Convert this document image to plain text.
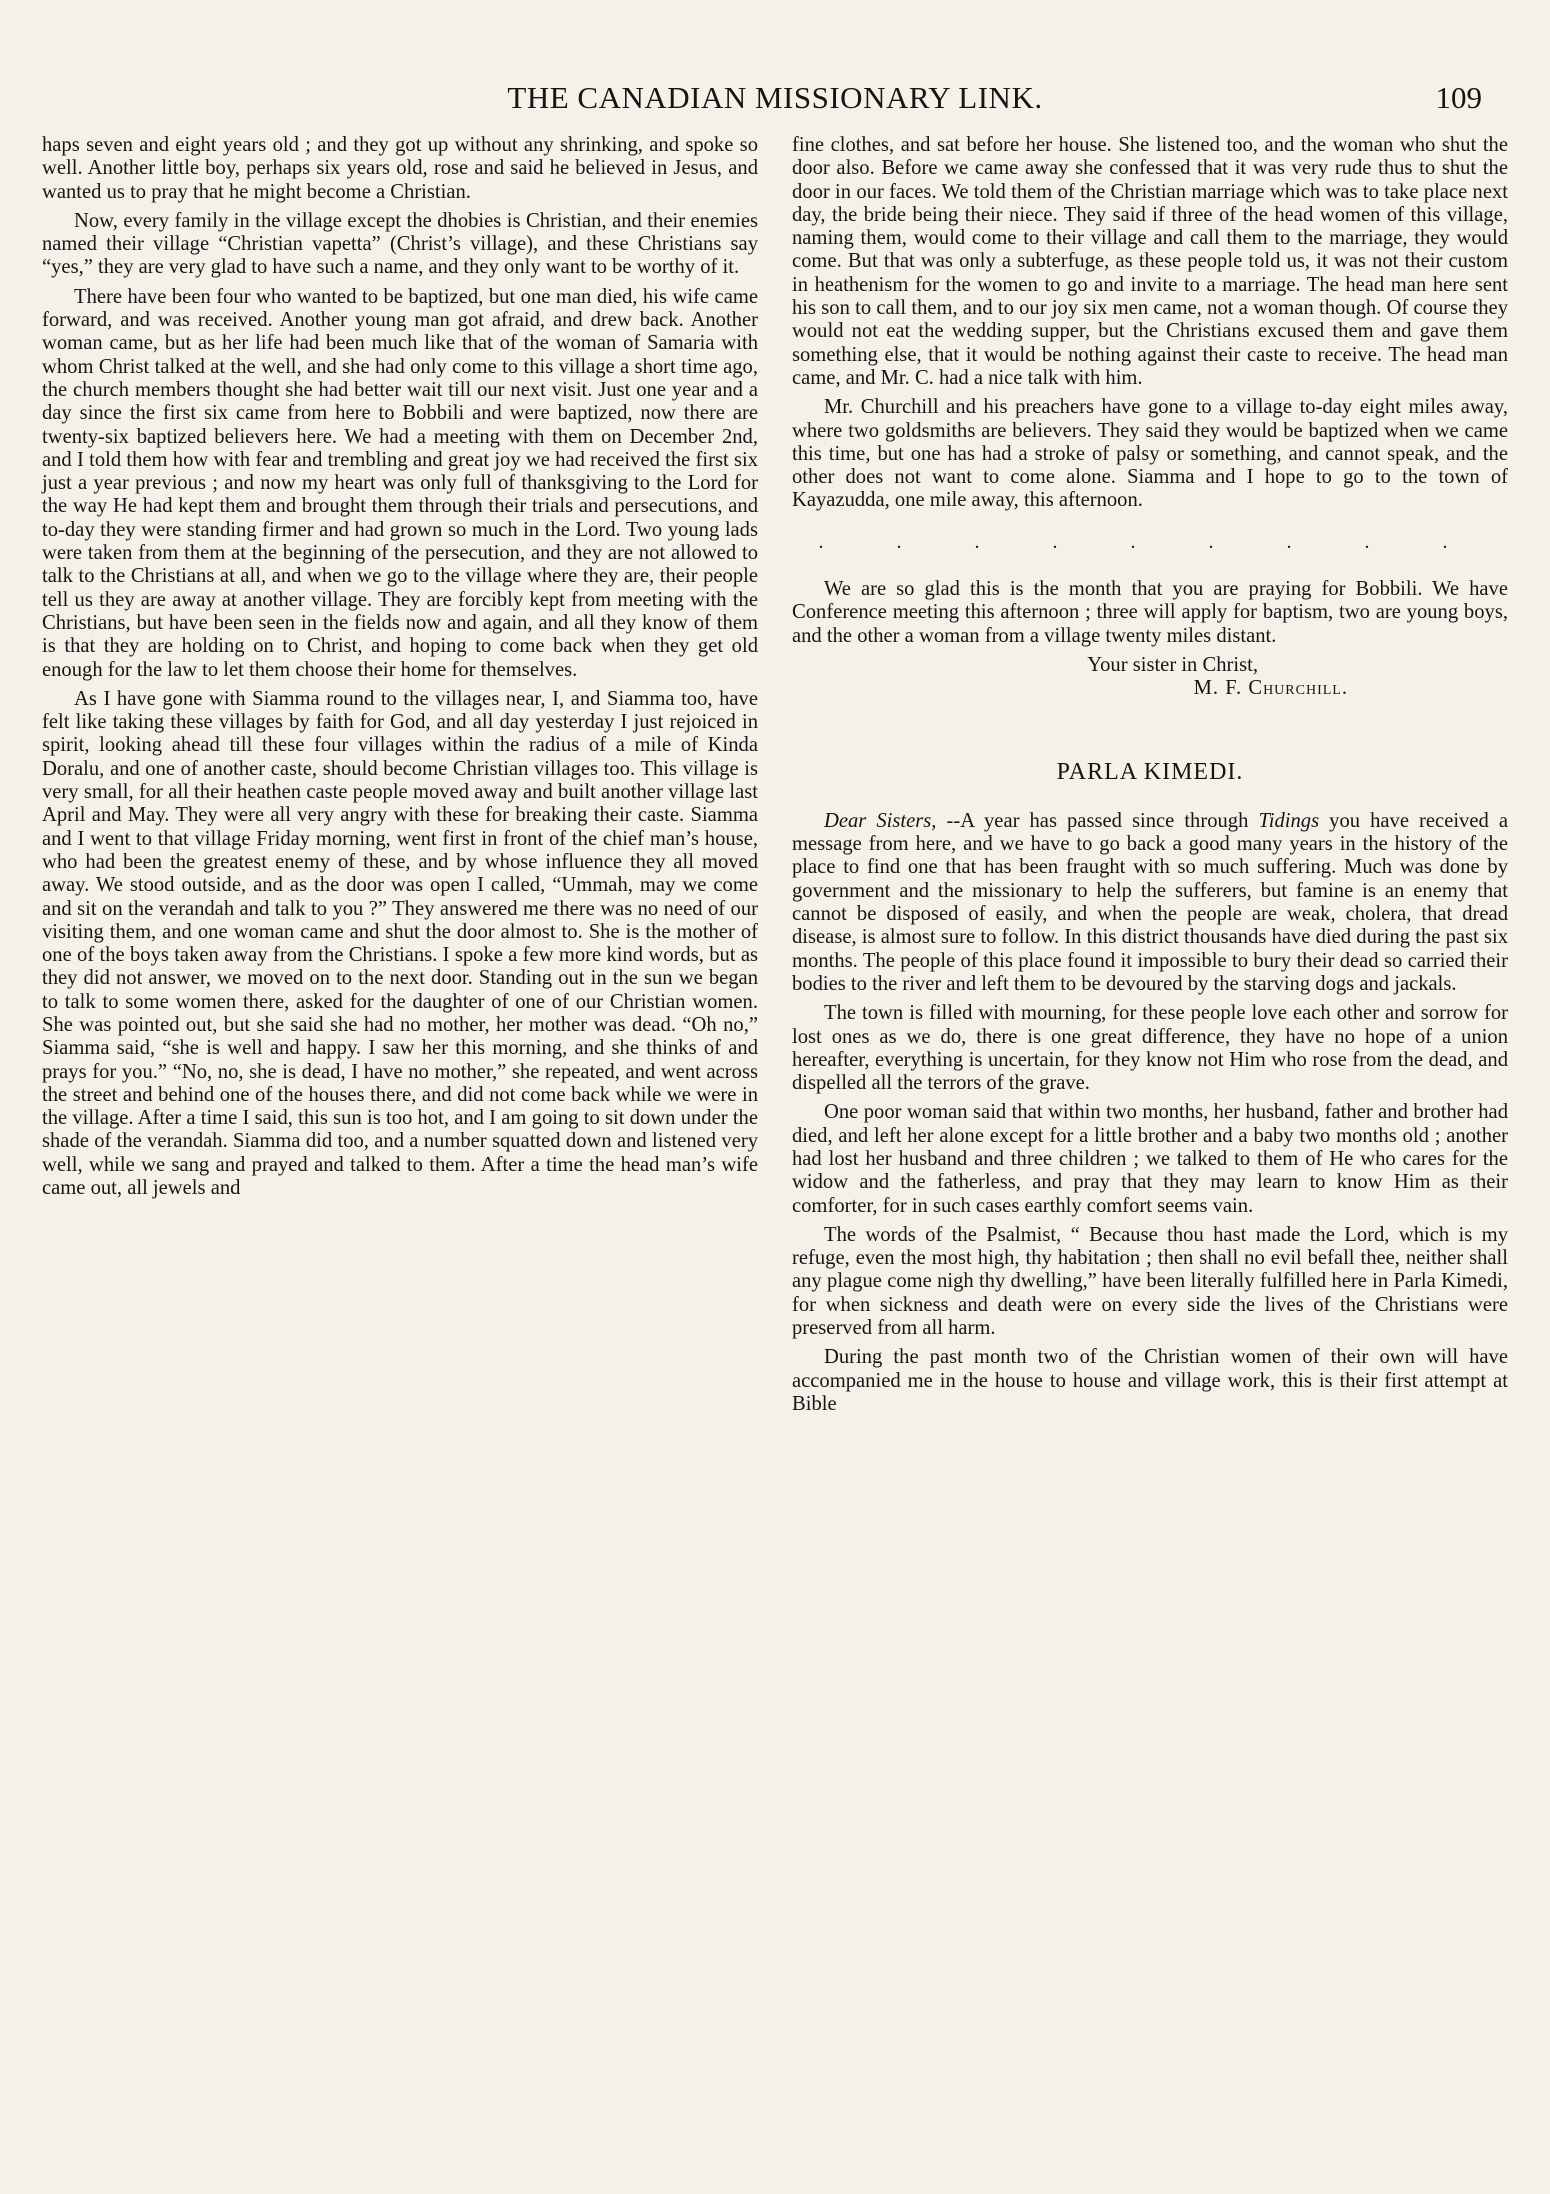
THE CANADIAN MISSIONARY LINK.	109

haps seven and eight years old ; and they got up without any shrinking, and spoke so well. Another little boy, perhaps six years old, rose and said he believed in Jesus, and wanted us to pray that he might become a Christian.

Now, every family in the village except the dhobies is Christian, and their enemies named their village “Christian vapetta” (Christ’s village), and these Christians say “yes,” they are very glad to have such a name, and they only want to be worthy of it.

There have been four who wanted to be baptized, but one man died, his wife came forward, and was received. Another young man got afraid, and drew back. Another woman came, but as her life had been much like that of the woman of Samaria with whom Christ talked at the well, and she had only come to this village a short time ago, the church members thought she had better wait till our next visit. Just one year and a day since the first six came from here to Bobbili and were baptized, now there are twenty-six baptized believers here. We had a meeting with them on December 2nd, and I told them how with fear and trembling and great joy we had received the first six just a year previous ; and now my heart was only full of thanksgiving to the Lord for the way He had kept them and brought them through their trials and persecutions, and to-day they were standing firmer and had grown so much in the Lord. Two young lads were taken from them at the beginning of the persecution, and they are not allowed to talk to the Christians at all, and when we go to the village where they are, their people tell us they are away at another village. They are forcibly kept from meeting with the Christians, but have been seen in the fields now and again, and all they know of them is that they are holding on to Christ, and hoping to come back when they get old enough for the law to let them choose their home for themselves.

As I have gone with Siamma round to the villages near, I, and Siamma too, have felt like taking these villages by faith for God, and all day yesterday I just rejoiced in spirit, looking ahead till these four villages within the radius of a mile of Kinda Doralu, and one of another caste, should become Christian villages too. This village is very small, for all their heathen caste people moved away and built another village last April and May. They were all very angry with these for breaking their caste. Siamma and I went to that village Friday morning, went first in front of the chief man’s house, who had been the greatest enemy of these, and by whose influence they all moved away. We stood outside, and as the door was open I called, “Ummah, may we come and sit on the verandah and talk to you ?” They answered me there was no need of our visiting them, and one woman came and shut the door almost to. She is the mother of one of the boys taken away from the Christians. I spoke a few more kind words, but as they did not answer, we moved on to the next door. Standing out in the sun we began to talk to some women there, asked for the daughter of one of our Christian women. She was pointed out, but she said she had no mother, her mother was dead. “Oh no,” Siamma said, “she is well and happy. I saw her this morning, and she thinks of and prays for you.” “No, no, she is dead, I have no mother,” she repeated, and went across the street and behind one of the houses there, and did not come back while we were in the village. After a time I said, this sun is too hot, and I am going to sit down under the shade of the verandah. Siamma did too, and a number squatted down and listened very well, while we sang and prayed and talked to them. After a time the head man’s wife came out, all jewels and

fine clothes, and sat before her house. She listened too, and the woman who shut the door also. Before we came away she confessed that it was very rude thus to shut the door in our faces. We told them of the Christian marriage which was to take place next day, the bride being their niece. They said if three of the head women of this village, naming them, would come to their village and call them to the marriage, they would come. But that was only a subterfuge, as these people told us, it was not their custom in heathenism for the women to go and invite to a marriage. The head man here sent his son to call them, and to our joy six men came, not a woman though. Of course they would not eat the wedding supper, but the Christians excused them and gave them something else, that it would be nothing against their caste to receive. The head man came, and Mr. C. had a nice talk with him.

Mr. Churchill and his preachers have gone to a village to-day eight miles away, where two goldsmiths are believers. They said they would be baptized when we came this time, but one has had a stroke of palsy or something, and cannot speak, and the other does not want to come alone. Siamma and I hope to go to the town of Kayazudda, one mile away, this afternoon.

. . . . . . . . .

We are so glad this is the month that you are praying for Bobbili. We have Conference meeting this afternoon ; three will apply for baptism, two are young boys, and the other a woman from a village twenty miles distant.

Your sister in Christ,
M. F. Churchill.
PARLA KIMEDI.

Dear Sisters, --A year has passed since through Tidings you have received a message from here, and we have to go back a good many years in the history of the place to find one that has been fraught with so much suffering. Much was done by government and the missionary to help the sufferers, but famine is an enemy that cannot be disposed of easily, and when the people are weak, cholera, that dread disease, is almost sure to follow. In this district thousands have died during the past six months. The people of this place found it impossible to bury their dead so carried their bodies to the river and left them to be devoured by the starving dogs and jackals.

The town is filled with mourning, for these people love each other and sorrow for lost ones as we do, there is one great difference, they have no hope of a union hereafter, everything is uncertain, for they know not Him who rose from the dead, and dispelled all the terrors of the grave.

One poor woman said that within two months, her husband, father and brother had died, and left her alone except for a little brother and a baby two months old ; another had lost her husband and three children ; we talked to them of He who cares for the widow and the fatherless, and pray that they may learn to know Him as their comforter, for in such cases earthly comfort seems vain.

The words of the Psalmist, “ Because thou hast made the Lord, which is my refuge, even the most high, thy habitation ; then shall no evil befall thee, neither shall any plague come nigh thy dwelling,” have been literally fulfilled here in Parla Kimedi, for when sickness and death were on every side the lives of the Christians were preserved from all harm.

During the past month two of the Christian women of their own will have accompanied me in the house to house and village work, this is their first attempt at Bible
